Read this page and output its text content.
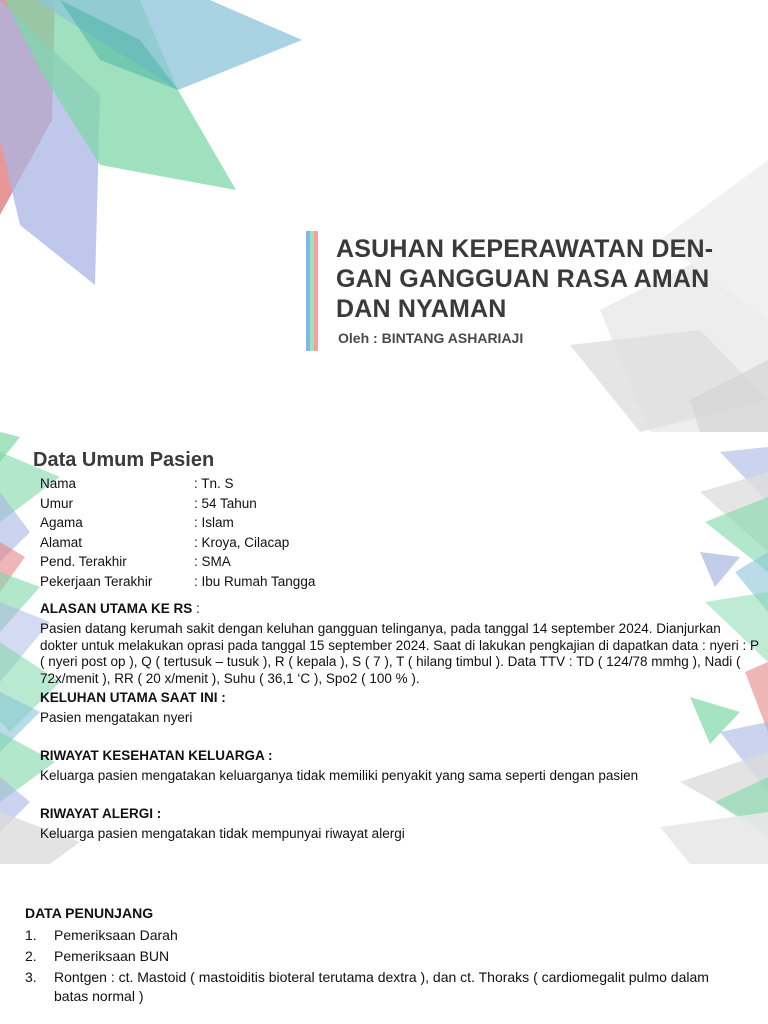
ASUHAN KEPERAWATAN DEN-
GAN GANGGUAN RASA AMAN
DAN NYAMAN
Oleh : BINTANG ASHARIAJI
Data Umum Pasien
Nama	: Tn. S
Umur	: 54 Tahun
Agama	: Islam
Alamat	: Kroya, Cilacap
Pend. Terakhir	: SMA
Pekerjaan Terakhir	: Ibu Rumah Tangga

ALASAN UTAMA KE RS :

Pasien datang kerumah sakit dengan keluhan gangguan telinganya, pada tanggal 14 september 2024. Dianjurkan dokter untuk melakukan oprasi pada tanggal 15 september 2024. Saat di lakukan pengkajian di dapatkan data : nyeri : P ( nyeri post op ), Q ( tertusuk – tusuk ), R ( kepala ), S ( 7 ), T ( hilang timbul ). Data TTV : TD ( 124/78 mmhg ), Nadi ( 72x/menit ), RR ( 20 x/menit ), Suhu ( 36,1 ‘C ), Spo2 ( 100 % ).

KELUHAN UTAMA SAAT INI :

Pasien mengatakan nyeri

RIWAYAT KESEHATAN KELUARGA :

Keluarga pasien mengatakan keluarganya tidak memiliki penyakit yang sama seperti dengan pasien

RIWAYAT ALERGI :

Keluarga pasien mengatakan tidak mempunyai riwayat alergi

DATA PENUNJANG
1.	Pemeriksaan Darah
2.	Pemeriksaan BUN
3.	Rontgen : ct. Mastoid ( mastoiditis bioteral terutama dextra ), dan ct. Thoraks ( cardiomegalit pulmo dalam batas normal )
